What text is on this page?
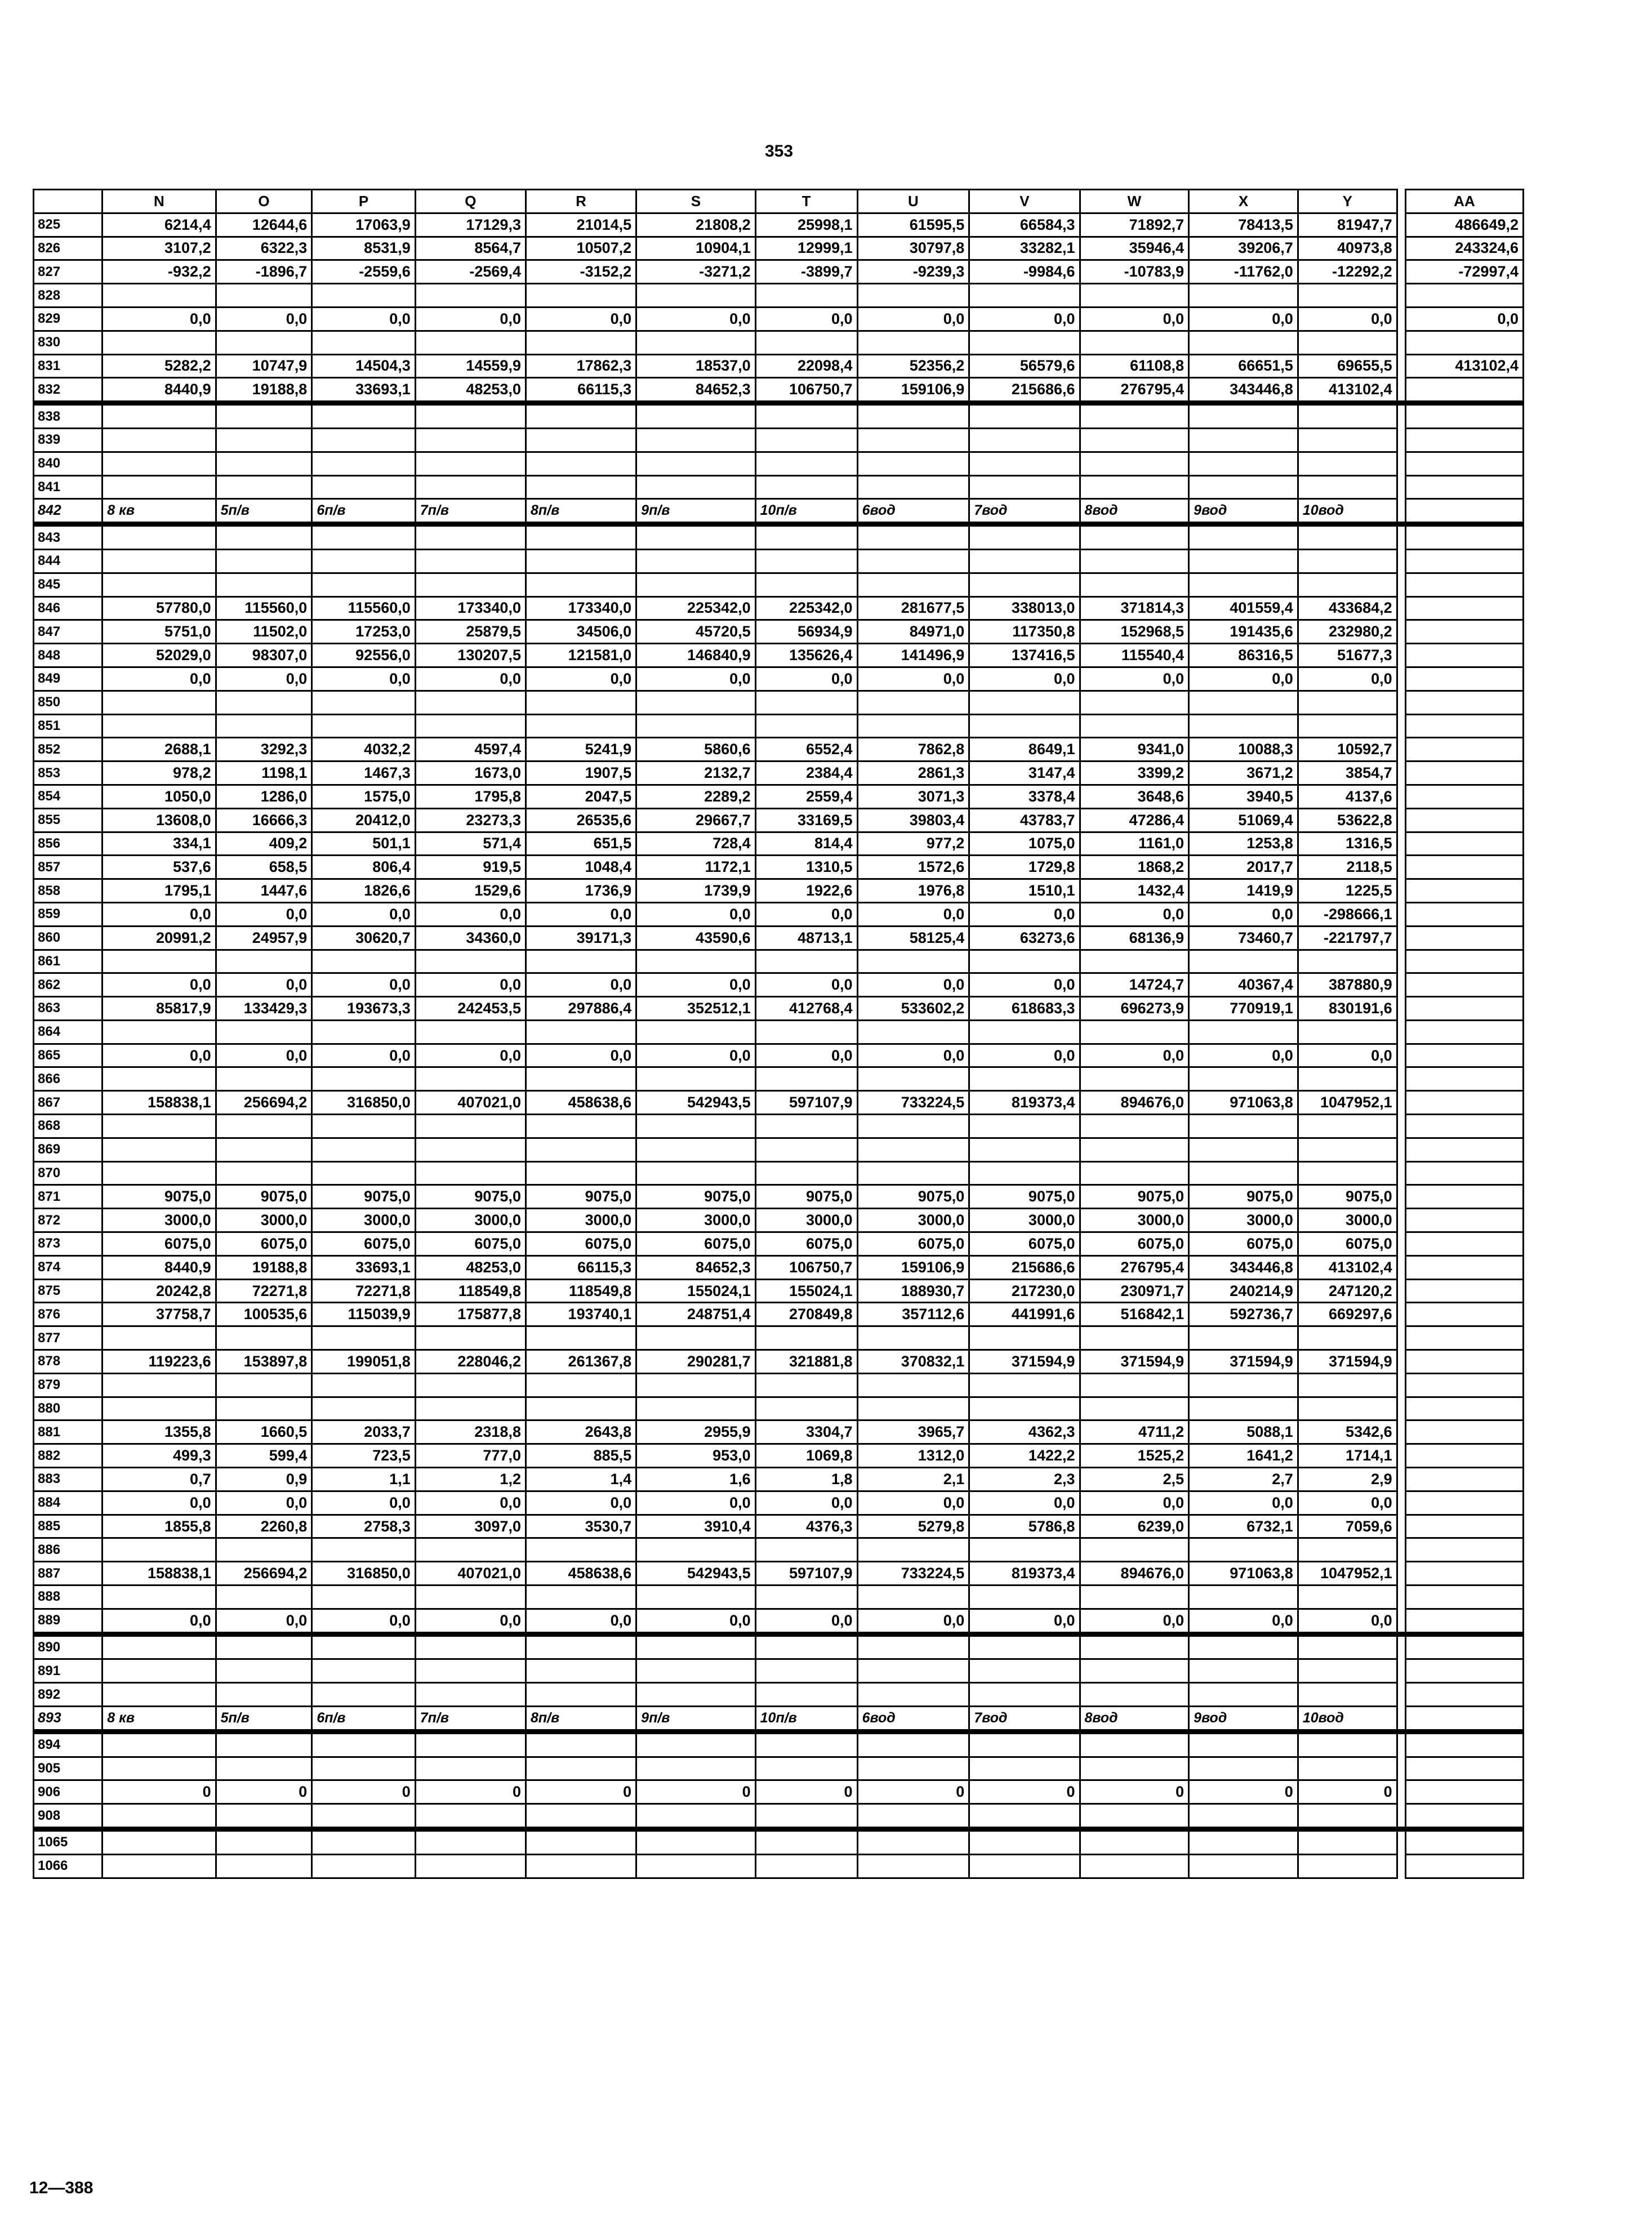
353
	N	O	P	Q	R	S	T	U	V	W	X	Y		AA
825	6214,4	12644,6	17063,9	17129,3	21014,5	21808,2	25998,1	61595,5	66584,3	71892,7	78413,5	81947,7		486649,2
826	3107,2	6322,3	8531,9	8564,7	10507,2	10904,1	12999,1	30797,8	33282,1	35946,4	39206,7	40973,8		243324,6
827	-932,2	-1896,7	-2559,6	-2569,4	-3152,2	-3271,2	-3899,7	-9239,3	-9984,6	-10783,9	-11762,0	-12292,2		-72997,4
828														
829	0,0	0,0	0,0	0,0	0,0	0,0	0,0	0,0	0,0	0,0	0,0	0,0		0,0
830														
831	5282,2	10747,9	14504,3	14559,9	17862,3	18537,0	22098,4	52356,2	56579,6	61108,8	66651,5	69655,5		413102,4
832	8440,9	19188,8	33693,1	48253,0	66115,3	84652,3	106750,7	159106,9	215686,6	276795,4	343446,8	413102,4		
838														
839														
840														
841														
842	8 кв	5п/в	6п/в	7п/в	8п/в	9п/в	10п/в	6вод	7вод	8вод	9вод	10вод		
843														
844														
845														
846	57780,0	115560,0	115560,0	173340,0	173340,0	225342,0	225342,0	281677,5	338013,0	371814,3	401559,4	433684,2		
847	5751,0	11502,0	17253,0	25879,5	34506,0	45720,5	56934,9	84971,0	117350,8	152968,5	191435,6	232980,2		
848	52029,0	98307,0	92556,0	130207,5	121581,0	146840,9	135626,4	141496,9	137416,5	115540,4	86316,5	51677,3		
849	0,0	0,0	0,0	0,0	0,0	0,0	0,0	0,0	0,0	0,0	0,0	0,0		
850														
851														
852	2688,1	3292,3	4032,2	4597,4	5241,9	5860,6	6552,4	7862,8	8649,1	9341,0	10088,3	10592,7		
853	978,2	1198,1	1467,3	1673,0	1907,5	2132,7	2384,4	2861,3	3147,4	3399,2	3671,2	3854,7		
854	1050,0	1286,0	1575,0	1795,8	2047,5	2289,2	2559,4	3071,3	3378,4	3648,6	3940,5	4137,6		
855	13608,0	16666,3	20412,0	23273,3	26535,6	29667,7	33169,5	39803,4	43783,7	47286,4	51069,4	53622,8		
856	334,1	409,2	501,1	571,4	651,5	728,4	814,4	977,2	1075,0	1161,0	1253,8	1316,5		
857	537,6	658,5	806,4	919,5	1048,4	1172,1	1310,5	1572,6	1729,8	1868,2	2017,7	2118,5		
858	1795,1	1447,6	1826,6	1529,6	1736,9	1739,9	1922,6	1976,8	1510,1	1432,4	1419,9	1225,5		
859	0,0	0,0	0,0	0,0	0,0	0,0	0,0	0,0	0,0	0,0	0,0	-298666,1		
860	20991,2	24957,9	30620,7	34360,0	39171,3	43590,6	48713,1	58125,4	63273,6	68136,9	73460,7	-221797,7		
861														
862	0,0	0,0	0,0	0,0	0,0	0,0	0,0	0,0	0,0	14724,7	40367,4	387880,9		
863	85817,9	133429,3	193673,3	242453,5	297886,4	352512,1	412768,4	533602,2	618683,3	696273,9	770919,1	830191,6		
864														
865	0,0	0,0	0,0	0,0	0,0	0,0	0,0	0,0	0,0	0,0	0,0	0,0		
866														
867	158838,1	256694,2	316850,0	407021,0	458638,6	542943,5	597107,9	733224,5	819373,4	894676,0	971063,8	1047952,1		
868														
869														
870														
871	9075,0	9075,0	9075,0	9075,0	9075,0	9075,0	9075,0	9075,0	9075,0	9075,0	9075,0	9075,0		
872	3000,0	3000,0	3000,0	3000,0	3000,0	3000,0	3000,0	3000,0	3000,0	3000,0	3000,0	3000,0		
873	6075,0	6075,0	6075,0	6075,0	6075,0	6075,0	6075,0	6075,0	6075,0	6075,0	6075,0	6075,0		
874	8440,9	19188,8	33693,1	48253,0	66115,3	84652,3	106750,7	159106,9	215686,6	276795,4	343446,8	413102,4		
875	20242,8	72271,8	72271,8	118549,8	118549,8	155024,1	155024,1	188930,7	217230,0	230971,7	240214,9	247120,2		
876	37758,7	100535,6	115039,9	175877,8	193740,1	248751,4	270849,8	357112,6	441991,6	516842,1	592736,7	669297,6		
877														
878	119223,6	153897,8	199051,8	228046,2	261367,8	290281,7	321881,8	370832,1	371594,9	371594,9	371594,9	371594,9		
879														
880														
881	1355,8	1660,5	2033,7	2318,8	2643,8	2955,9	3304,7	3965,7	4362,3	4711,2	5088,1	5342,6		
882	499,3	599,4	723,5	777,0	885,5	953,0	1069,8	1312,0	1422,2	1525,2	1641,2	1714,1		
883	0,7	0,9	1,1	1,2	1,4	1,6	1,8	2,1	2,3	2,5	2,7	2,9		
884	0,0	0,0	0,0	0,0	0,0	0,0	0,0	0,0	0,0	0,0	0,0	0,0		
885	1855,8	2260,8	2758,3	3097,0	3530,7	3910,4	4376,3	5279,8	5786,8	6239,0	6732,1	7059,6		
886														
887	158838,1	256694,2	316850,0	407021,0	458638,6	542943,5	597107,9	733224,5	819373,4	894676,0	971063,8	1047952,1		
888														
889	0,0	0,0	0,0	0,0	0,0	0,0	0,0	0,0	0,0	0,0	0,0	0,0		
890														
891														
892														
893	8 кв	5п/в	6п/в	7п/в	8п/в	9п/в	10п/в	6вод	7вод	8вод	9вод	10вод		
894														
905														
906	0	0	0	0	0	0	0	0	0	0	0	0		
908														
1065														
1066														
12—388
